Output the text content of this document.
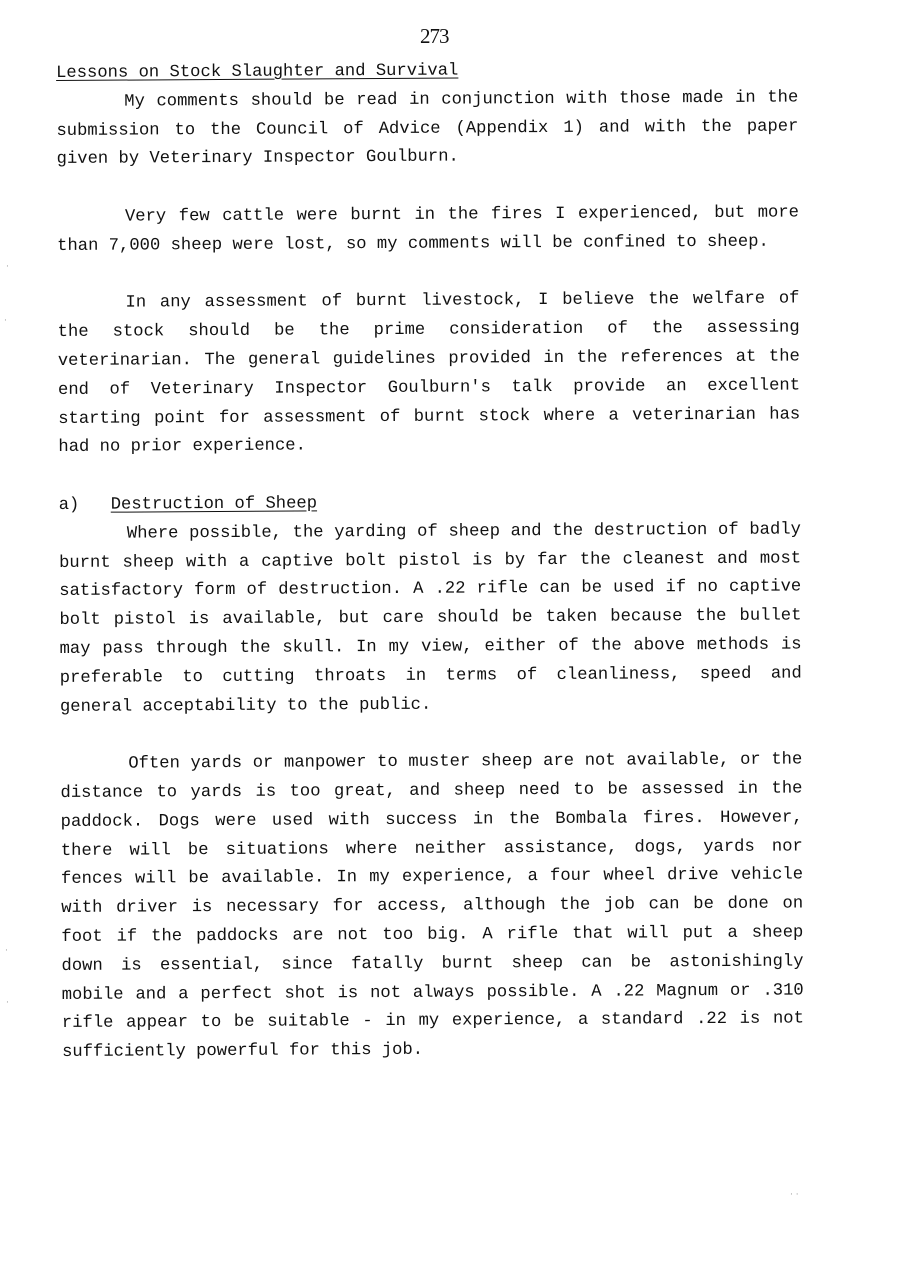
273
Lessons on Stock Slaughter and Survival

My comments should be read in conjunction with those made in the submission to the Council of Advice (Appendix 1) and with the paper given by Veterinary Inspector Goulburn.

Very few cattle were burnt in the fires I experienced, but more than 7,000 sheep were lost, so my comments will be confined to sheep.

In any assessment of burnt livestock, I believe the welfare of the stock should be the prime consideration of the assessing veterinarian. The general guidelines provided in the references at the end of Veterinary Inspector Goulburn's talk provide an excellent starting point for assessment of burnt stock where a veterinarian has had no prior experience.

a) Destruction of Sheep

Where possible, the yarding of sheep and the destruction of badly burnt sheep with a captive bolt pistol is by far the cleanest and most satisfactory form of destruction. A .22 rifle can be used if no captive bolt pistol is available, but care should be taken because the bullet may pass through the skull. In my view, either of the above methods is preferable to cutting throats in terms of cleanliness, speed and general acceptability to the public.

Often yards or manpower to muster sheep are not available, or the distance to yards is too great, and sheep need to be assessed in the paddock. Dogs were used with success in the Bombala fires. However, there will be situations where neither assistance, dogs, yards nor fences will be available. In my experience, a four wheel drive vehicle with driver is necessary for access, although the job can be done on foot if the paddocks are not too big. A rifle that will put a sheep down is essential, since fatally burnt sheep can be astonishingly mobile and a perfect shot is not always possible. A .22 Magnum or .310 rifle appear to be suitable - in my experience, a standard .22 is not sufficiently powerful for this job.

·
·
·
·
· ·
